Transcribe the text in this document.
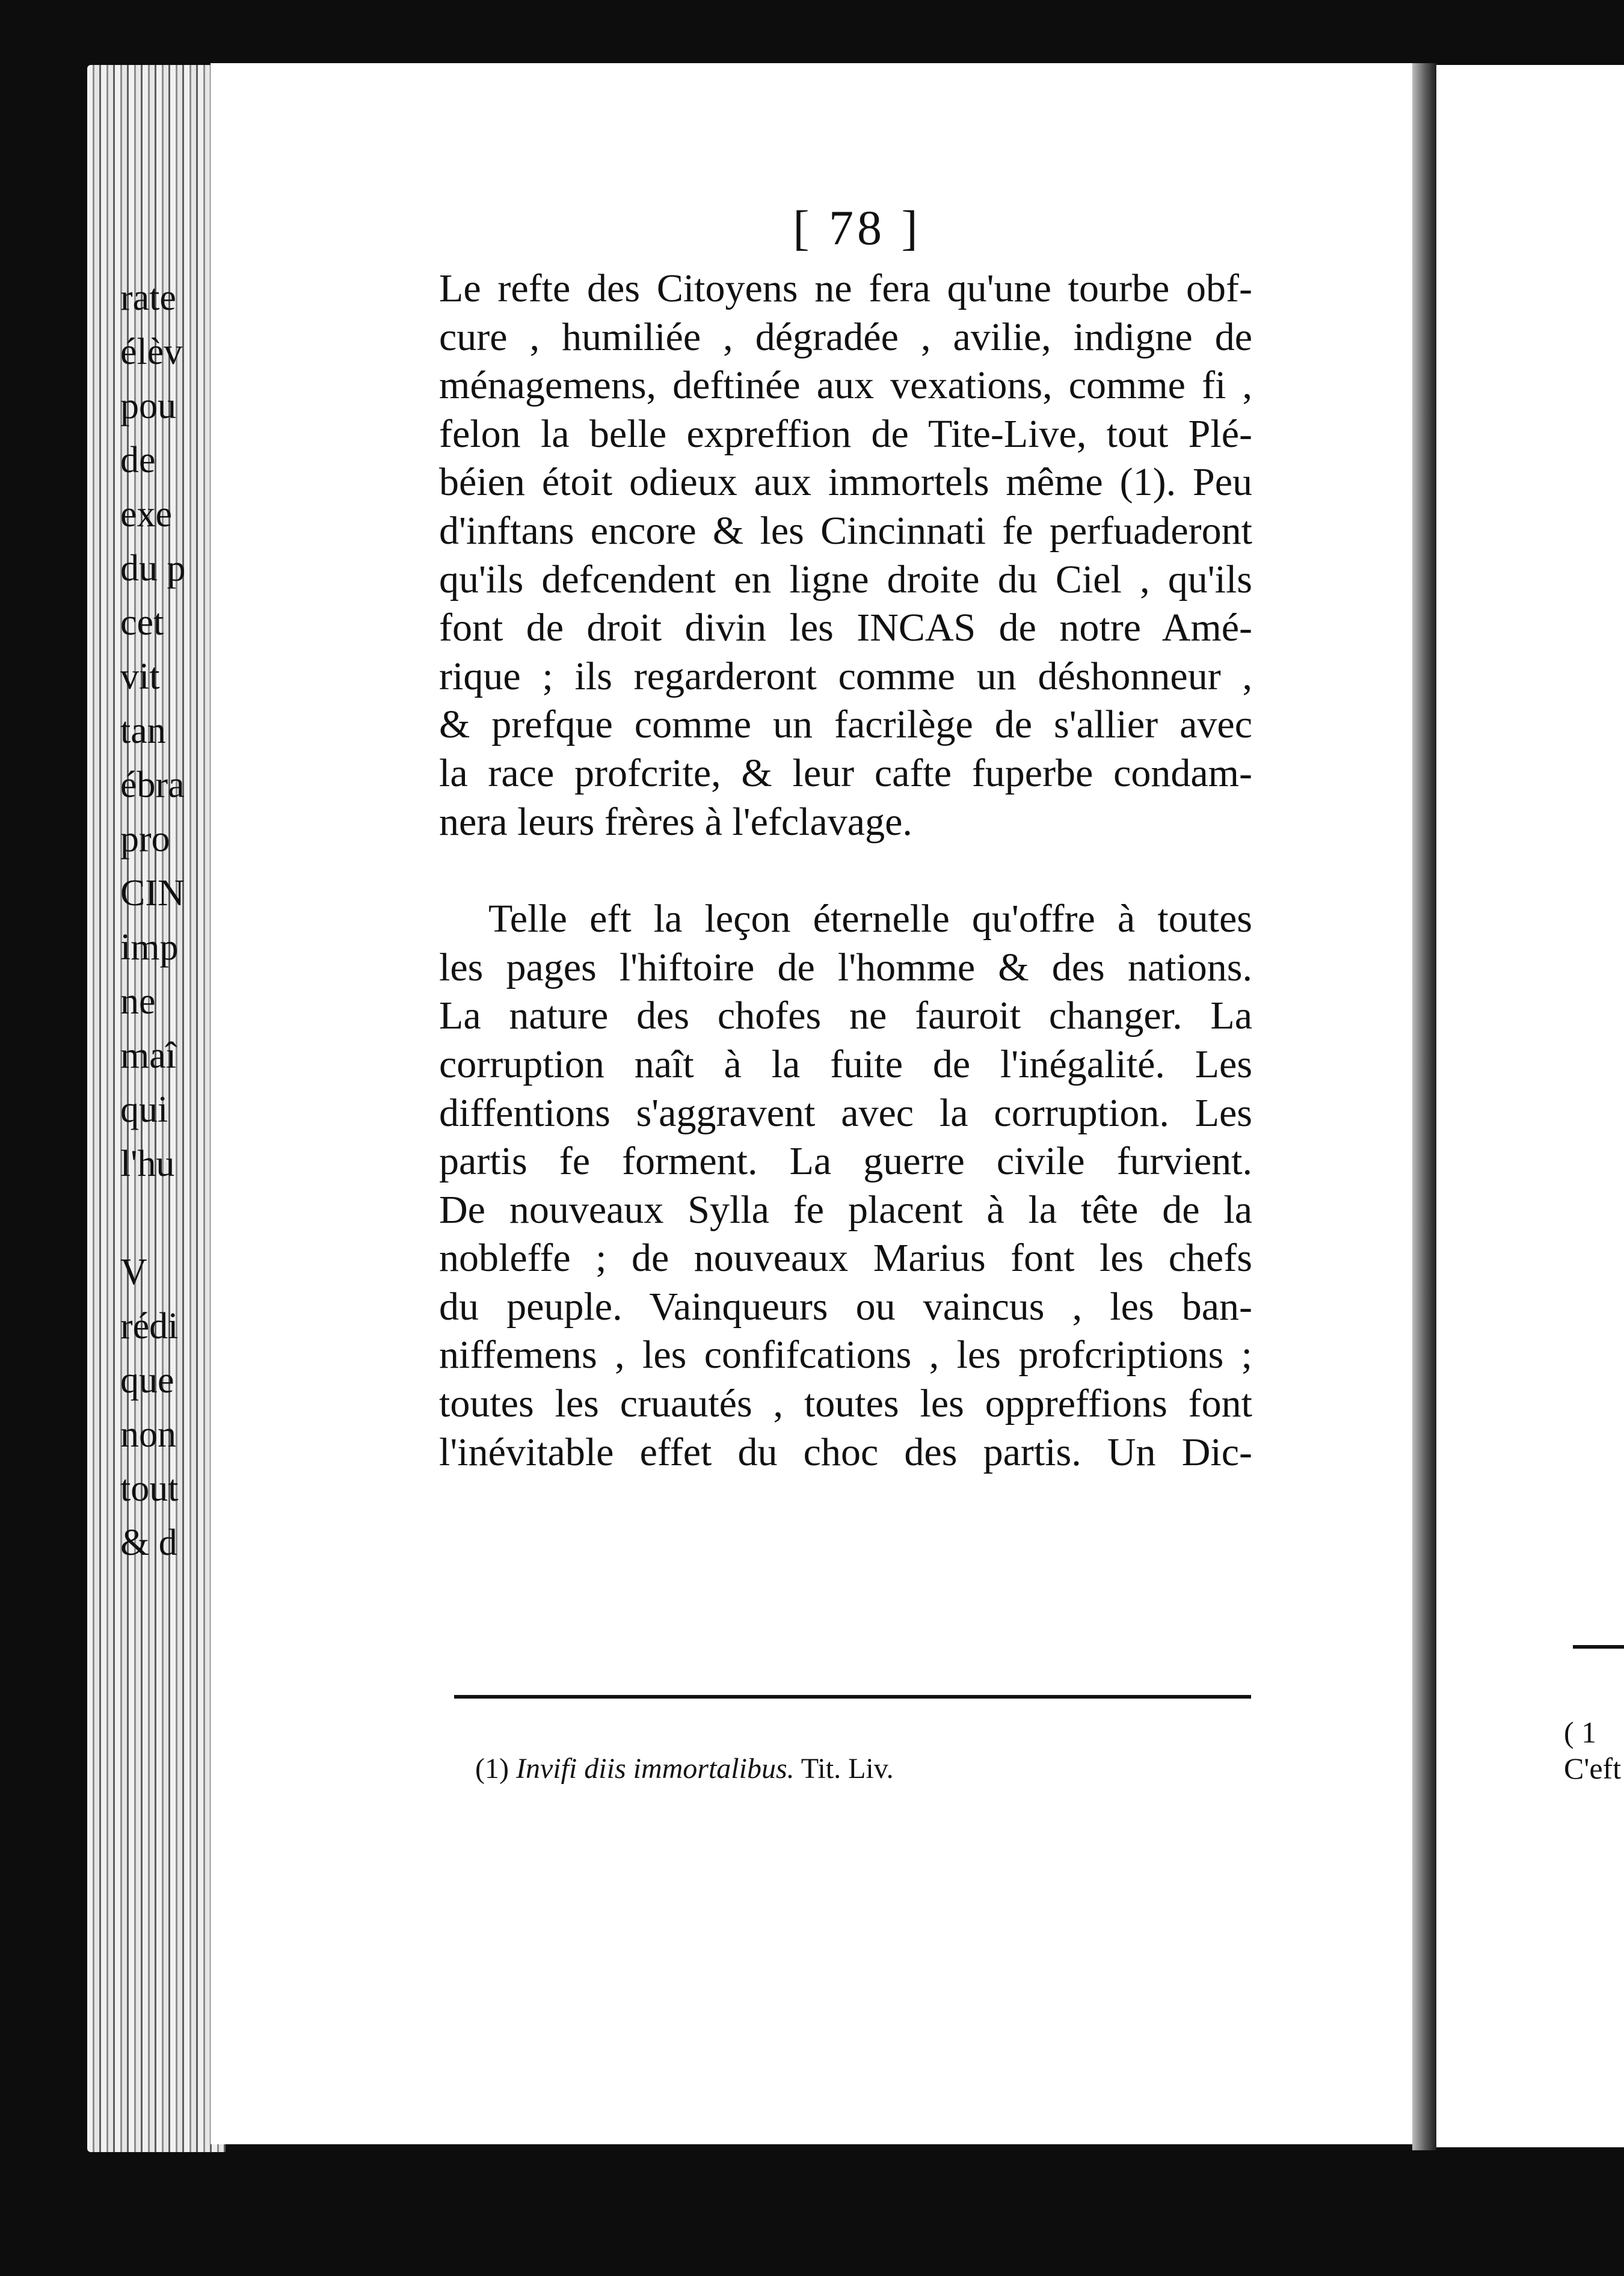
[ 78 ]
Le refte des Citoyens ne fera qu'une tourbe obf-
cure , humiliée , dégradée , avilie, indigne de
ménagemens, deftinée aux vexations, comme fi ,
felon la belle expreffion de Tite-Live, tout Plé-
béien étoit odieux aux immortels même (1). Peu
d'inftans encore & les Cincinnati fe perfuaderont
qu'ils defcendent en ligne droite du Ciel , qu'ils
font de droit divin les INCAS de notre Amé-
rique ; ils regarderont comme un déshonneur ,
& prefque comme un facrilège de s'allier avec
la race profcrite, & leur cafte fuperbe condam-
nera leurs frères à l'efclavage.
Telle eft la leçon éternelle qu'offre à toutes
les pages l'hiftoire de l'homme & des nations.
La nature des chofes ne fauroit changer. La
corruption naît à la fuite de l'inégalité. Les
diffentions s'aggravent avec la corruption. Les
partis fe forment. La guerre civile furvient.
De nouveaux Sylla fe placent à la tête de la
nobleffe ; de nouveaux Marius font les chefs
du peuple. Vainqueurs ou vaincus , les ban-
niffemens , les confifcations , les profcriptions ;
toutes les cruautés , toutes les oppreffions font
l'inévitable effet du choc des partis. Un Dic-
(1) Invifi diis immortalibus. Tit. Liv.
rate
élèv
pou
de
exe
du p
cet
vit
tan
ébra
pro
CIN
imp
ne
maî
qui
l'hu
V
rédi
que
non
tout
& d
( 1
C'eft
